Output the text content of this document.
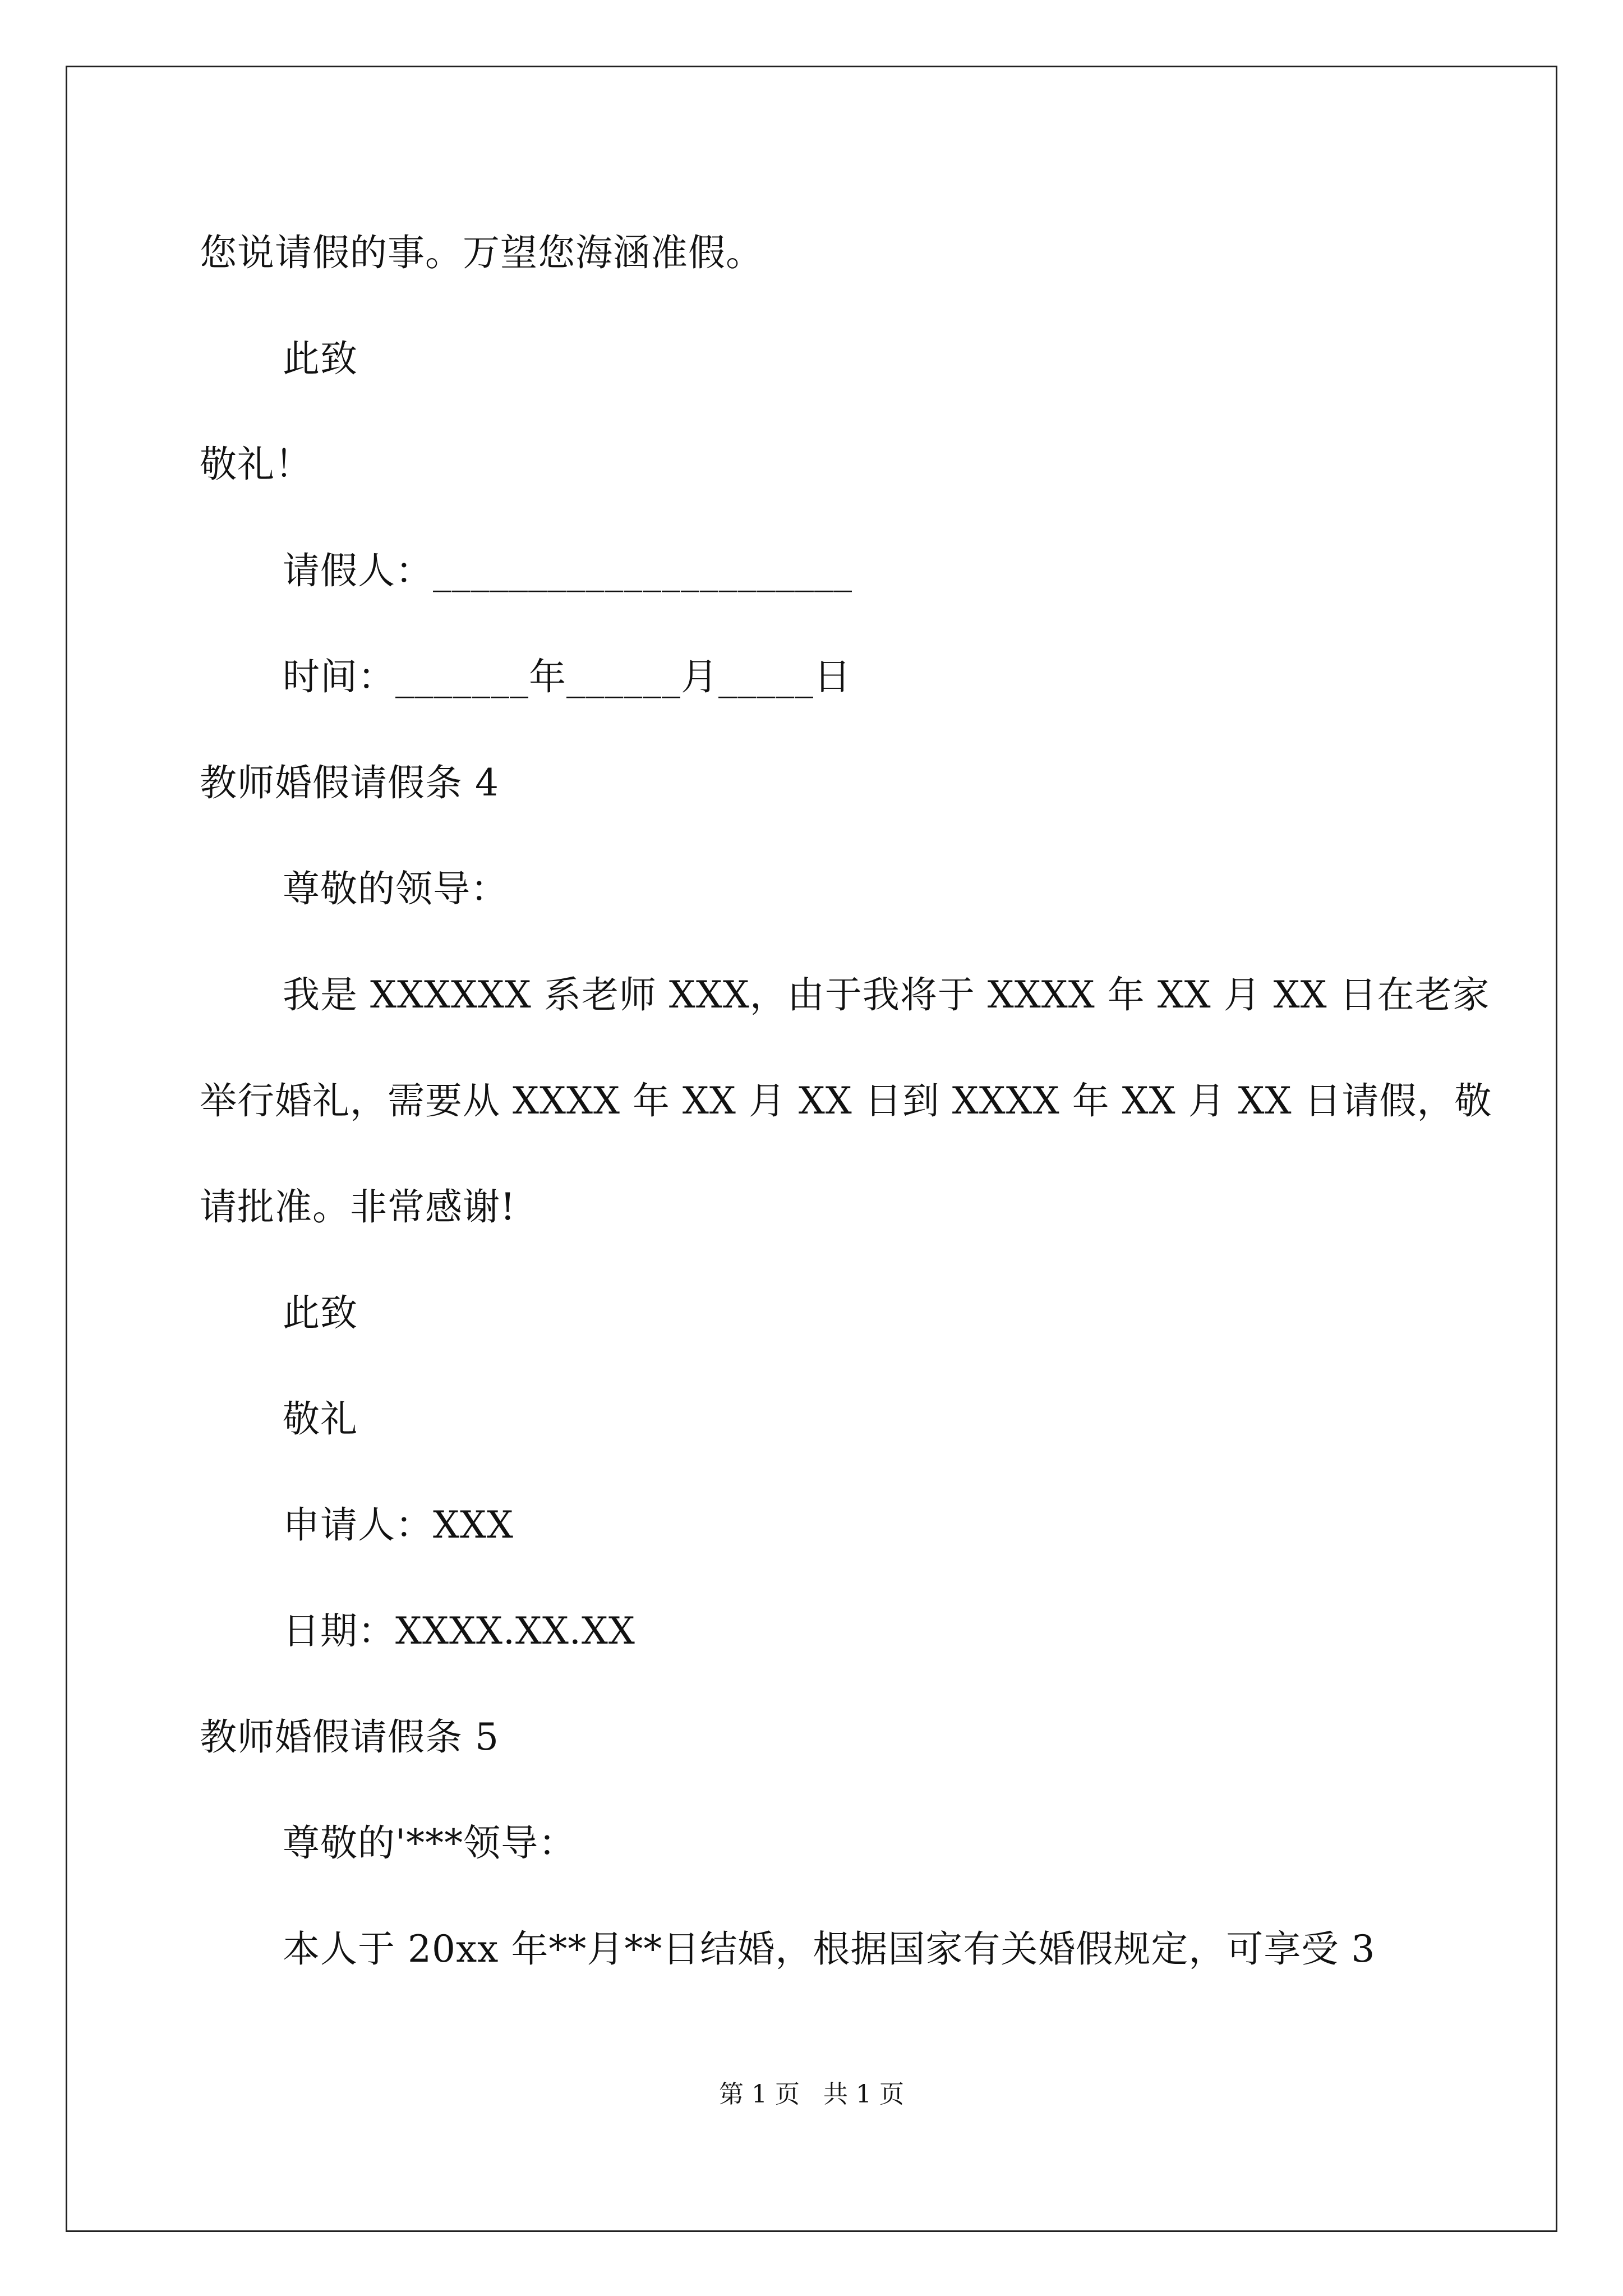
您说请假的事。万望您海涵准假。
此致
敬礼！
请假人：______________________
时间：_______年______月_____日
教师婚假请假条 4
尊敬的领导：
我是 XXXXXX 系老师 XXX，由于我将于 XXXX 年 XX 月 XX 日在老家
举行婚礼，需要从 XXXX 年 XX 月 XX 日到 XXXX 年 XX 月 XX 日请假，敬
请批准。非常感谢!
此致
敬礼
申请人：XXX
日期：XXXX.XX.XX
教师婚假请假条 5
尊敬的'***领导：
本人于 20xx 年**月**日结婚，根据国家有关婚假规定，可享受 3
第 1 页 共 1 页
